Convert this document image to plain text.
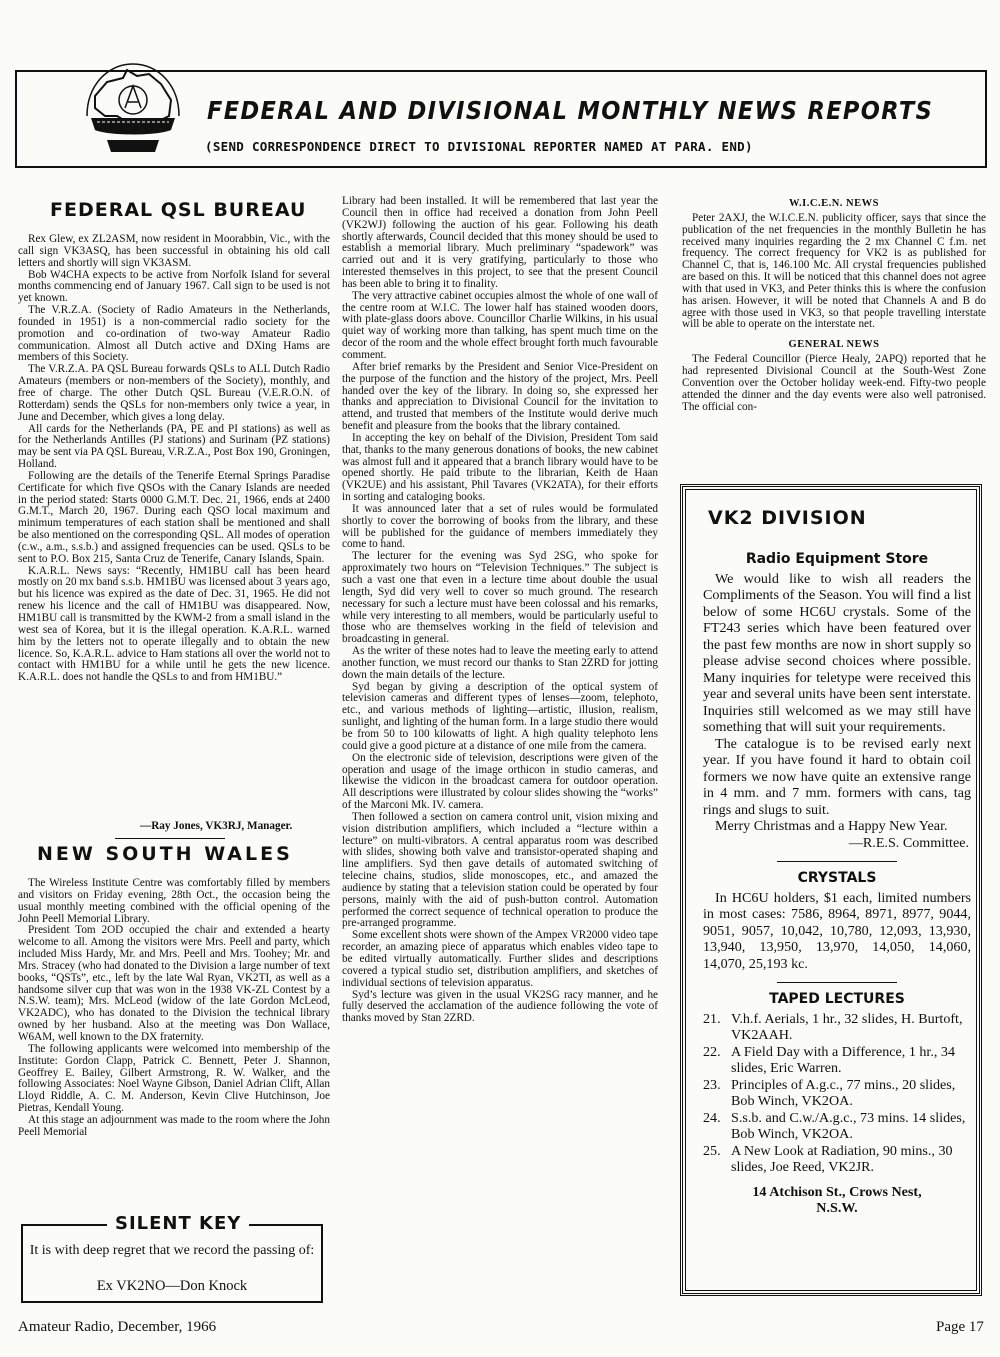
FEDERAL AND DIVISIONAL MONTHLY NEWS REPORTS
(SEND CORRESPONDENCE DIRECT TO DIVISIONAL REPORTER NAMED AT PARA. END)
FEDERAL QSL BUREAU

Rex Glew, ex ZL2ASM, now resident in Moorabbin, Vic., with the call sign VK3ASQ, has been successful in obtaining his old call letters and shortly will sign VK3ASM.

Bob W4CHA expects to be active from Norfolk Island for several months commencing end of January 1967. Call sign to be used is not yet known.

The V.R.Z.A. (Society of Radio Amateurs in the Netherlands, founded in 1951) is a non-commercial radio society for the promotion and co-ordination of two-way Amateur Radio communication. Almost all Dutch active and DXing Hams are members of this Society.

The V.R.Z.A. PA QSL Bureau forwards QSLs to ALL Dutch Radio Amateurs (members or non-members of the Society), monthly, and free of charge. The other Dutch QSL Bureau (V.E.R.O.N. of Rotterdam) sends the QSLs for non-members only twice a year, in June and December, which gives a long delay.

All cards for the Netherlands (PA, PE and PI stations) as well as for the Netherlands Antilles (PJ stations) and Surinam (PZ stations) may be sent via PA QSL Bureau, V.R.Z.A., Post Box 190, Groningen, Holland.

Following are the details of the Tenerife Eternal Springs Paradise Certificate for which five QSOs with the Canary Islands are needed in the period stated: Starts 0000 G.M.T. Dec. 21, 1966, ends at 2400 G.M.T., March 20, 1967. During each QSO local maximum and minimum temperatures of each station shall be mentioned and shall be also mentioned on the corresponding QSL. All modes of operation (c.w., a.m., s.s.b.) and assigned frequencies can be used. QSLs to be sent to P.O. Box 215, Santa Cruz de Tenerife, Canary Islands, Spain.

K.A.R.L. News says: “Recently, HM1BU call has been heard mostly on 20 mx band s.s.b. HM1BU was licensed about 3 years ago, but his licence was expired as the date of Dec. 31, 1965. He did not renew his licence and the call of HM1BU was disappeared. Now, HM1BU call is transmitted by the KWM-2 from a small island in the west sea of Korea, but it is the illegal operation. K.A.R.L. warned him by the letters not to operate illegally and to obtain the new licence. So, K.A.R.L. advice to Ham stations all over the world not to contact with HM1BU for a while until he gets the new licence. K.A.R.L. does not handle the QSLs to and from HM1BU.”

—Ray Jones, VK3RJ, Manager.
NEW SOUTH WALES

The Wireless Institute Centre was comfortably filled by members and visitors on Friday evening, 28th Oct., the occasion being the usual monthly meeting combined with the official opening of the John Peell Memorial Library.

President Tom 2OD occupied the chair and extended a hearty welcome to all. Among the visitors were Mrs. Peell and party, which included Miss Hardy, Mr. and Mrs. Peell and Mrs. Toohey; Mr. and Mrs. Stracey (who had donated to the Division a large number of text books, “QSTs”, etc., left by the late Wal Ryan, VK2TI, as well as a handsome silver cup that was won in the 1938 VK-ZL Contest by a N.S.W. team); Mrs. McLeod (widow of the late Gordon McLeod, VK2ADC), who has donated to the Division the technical library owned by her husband. Also at the meeting was Don Wallace, W6AM, well known to the DX fraternity.

The following applicants were welcomed into membership of the Institute: Gordon Clapp, Patrick C. Bennett, Peter J. Shannon, Geoffrey E. Bailey, Gilbert Armstrong, R. W. Walker, and the following Associates: Noel Wayne Gibson, Daniel Adrian Clift, Allan Lloyd Riddle, A. C. M. Anderson, Kevin Clive Hutchinson, Joe Pietras, Kendall Young.

At this stage an adjournment was made to the room where the John Peell Memorial

SILENT KEY
It is with deep regret that we record the passing of:
Ex VK2NO—Don Knock

Library had been installed. It will be remembered that last year the Council then in office had received a donation from John Peell (VK2WJ) following the auction of his gear. Following his death shortly afterwards, Council decided that this money should be used to establish a memorial library. Much preliminary “spadework” was carried out and it is very gratifying, particularly to those who interested themselves in this project, to see that the present Council has been able to bring it to finality.

The very attractive cabinet occupies almost the whole of one wall of the centre room at W.I.C. The lower half has stained wooden doors, with plate-glass doors above. Councillor Charlie Wilkins, in his usual quiet way of working more than talking, has spent much time on the decor of the room and the whole effect brought forth much favourable comment.

After brief remarks by the President and Senior Vice-President on the purpose of the function and the history of the project, Mrs. Peell handed over the key of the library. In doing so, she expressed her thanks and appreciation to Divisional Council for the invitation to attend, and trusted that members of the Institute would derive much benefit and pleasure from the books that the library contained.

In accepting the key on behalf of the Division, President Tom said that, thanks to the many generous donations of books, the new cabinet was almost full and it appeared that a branch library would have to be opened shortly. He paid tribute to the librarian, Keith de Haan (VK2UE) and his assistant, Phil Tavares (VK2ATA), for their efforts in sorting and cataloging books.

It was announced later that a set of rules would be formulated shortly to cover the borrowing of books from the library, and these will be published for the guidance of members immediately they come to hand.

The lecturer for the evening was Syd 2SG, who spoke for approximately two hours on “Television Techniques.” The subject is such a vast one that even in a lecture time about double the usual length, Syd did very well to cover so much ground. The research necessary for such a lecture must have been colossal and his remarks, while very interesting to all members, would be particularly useful to those who are themselves working in the field of television and broadcasting in general.

As the writer of these notes had to leave the meeting early to attend another function, we must record our thanks to Stan 2ZRD for jotting down the main details of the lecture.

Syd began by giving a description of the optical system of television cameras and different types of lenses—zoom, telephoto, etc., and various methods of lighting—artistic, illusion, realism, sunlight, and lighting of the human form. In a large studio there would be from 50 to 100 kilowatts of light. A high quality telephoto lens could give a good picture at a distance of one mile from the camera.

On the electronic side of television, descriptions were given of the operation and usage of the image orthicon in studio cameras, and likewise the vidicon in the broadcast camera for outdoor operation. All descriptions were illustrated by colour slides showing the “works” of the Marconi Mk. IV. camera.

Then followed a section on camera control unit, vision mixing and vision distribution amplifiers, which included a “lecture within a lecture” on multi-vibrators. A central apparatus room was described with slides, showing both valve and transistor-operated shaping and line amplifiers. Syd then gave details of automated switching of telecine chains, studios, slide monoscopes, etc., and amazed the audience by stating that a television station could be operated by four persons, mainly with the aid of push-button control. Automation performed the correct sequence of technical operation to produce the pre-arranged programme.

Some excellent shots were shown of the Ampex VR2000 video tape recorder, an amazing piece of apparatus which enables video tape to be edited virtually automatically. Further slides and descriptions covered a typical studio set, distribution amplifiers, and sketches of individual sections of television apparatus.

Syd’s lecture was given in the usual VK2SG racy manner, and he fully deserved the acclamation of the audience following the vote of thanks moved by Stan 2ZRD.

W.I.C.E.N. NEWS

Peter 2AXJ, the W.I.C.E.N. publicity officer, says that since the publication of the net frequencies in the monthly Bulletin he has received many inquiries regarding the 2 mx Channel C f.m. net frequency. The correct frequency for VK2 is as published for Channel C, that is, 146.100 Mc. All crystal frequencies published are based on this. It will be noticed that this channel does not agree with that used in VK3, and Peter thinks this is where the confusion has arisen. However, it will be noted that Channels A and B do agree with those used in VK3, so that people travelling interstate will be able to operate on the interstate net.

GENERAL NEWS

The Federal Councillor (Pierce Healy, 2APQ) reported that he had represented Divisional Council at the South-West Zone Convention over the October holiday week-end. Fifty-two people attended the dinner and the day events were also well patronised. The official con-

VK2 DIVISION
Radio Equipment Store

We would like to wish all readers the Compliments of the Season. You will find a list below of some HC6U crystals. Some of the FT243 series which have been featured over the past few months are now in short supply so please advise second choices where possible. Many inquiries for teletype were received this year and several units have been sent interstate. Inquiries still welcomed as we may still have something that will suit your requirements.

The catalogue is to be revised early next year. If you have found it hard to obtain coil formers we now have quite an extensive range in 4 mm. and 7 mm. formers with cans, tag rings and slugs to suit.

Merry Christmas and a Happy New Year.

—R.E.S. Committee.

CRYSTALS

In HC6U holders, $1 each, limited numbers in most cases: 7586, 8964, 8971, 8977, 9044, 9051, 9057, 10,042, 10,780, 12,093, 13,930, 13,940, 13,950, 13,970, 14,050, 14,060, 14,070, 25,193 kc.

TAPED LECTURES
21. V.h.f. Aerials, 1 hr., 32 slides, H. Burtoft, VK2AAH.
22. A Field Day with a Difference, 1 hr., 34 slides, Eric Warren.
23. Principles of A.g.c., 77 mins., 20 slides, Bob Winch, VK2OA.
24. S.s.b. and C.w./A.g.c., 73 mins. 14 slides, Bob Winch, VK2OA.
25. A New Look at Radiation, 90 mins., 30 slides, Joe Reed, VK2JR.
14 Atchison St., Crows Nest,
N.S.W.
Amateur Radio, December, 1966	Page 17
